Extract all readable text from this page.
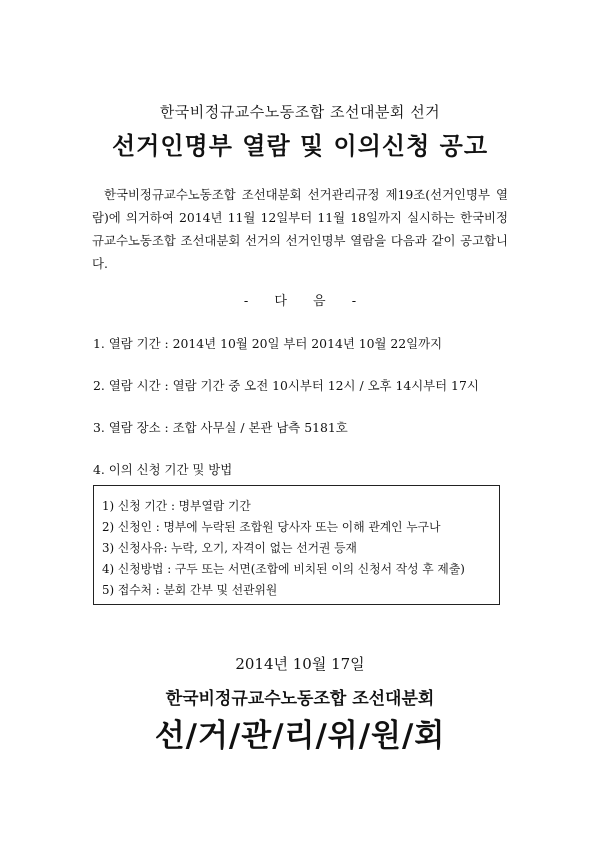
한국비정규교수노동조합 조선대분회 선거
선거인명부 열람 및 이의신청 공고

한국비정규교수노동조합 조선대분회 선거관리규정 제19조(선거인명부 열람)에 의거하여 2014년 11월 12일부터 11월 18일까지 실시하는 한국비정규교수노동조합 조선대분회 선거의 선거인명부 열람을 다음과 같이 공고합니다.

- 다 음 -
1. 열람 기간 : 2014년 10월 20일 부터 2014년 10월 22일까지
2. 열람 시간 : 열람 기간 중 오전 10시부터 12시 / 오후 14시부터 17시
3. 열람 장소 : 조합 사무실 / 본관 남측 5181호
4. 이의 신청 기간 및 방법
1) 신청 기간 : 명부열람 기간
2) 신청인 : 명부에 누락된 조합원 당사자 또는 이해 관계인 누구나
3) 신청사유: 누락, 오기, 자격이 없는 선거권 등재
4) 신청방법 : 구두 또는 서면(조합에 비치된 이의 신청서 작성 후 제출)
5) 접수처 : 분회 간부 및 선관위원
2014년 10월 17일
한국비정규교수노동조합 조선대분회
선/거/관/리/위/원/회
